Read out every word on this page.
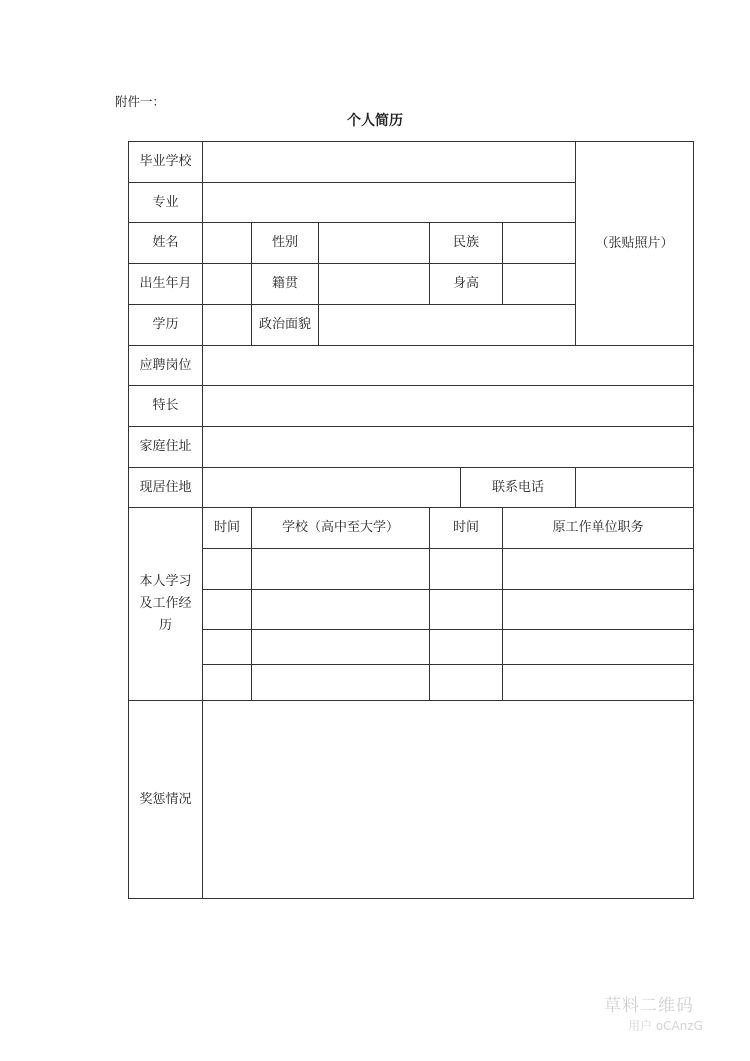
附件一：
个人简历
毕业学校							（张贴照片）
专业							
姓名		性别		民族			
出生年月		籍贯		身高			
学历		政治面貌					
应聘岗位							
特长							
家庭住址							
现居住地					联系电话		

本人学习及工作经历	时间	学校（高中至大学）		时间		原工作单位职务	

奖惩情况							
草料二维码
用户 oCAnzG
